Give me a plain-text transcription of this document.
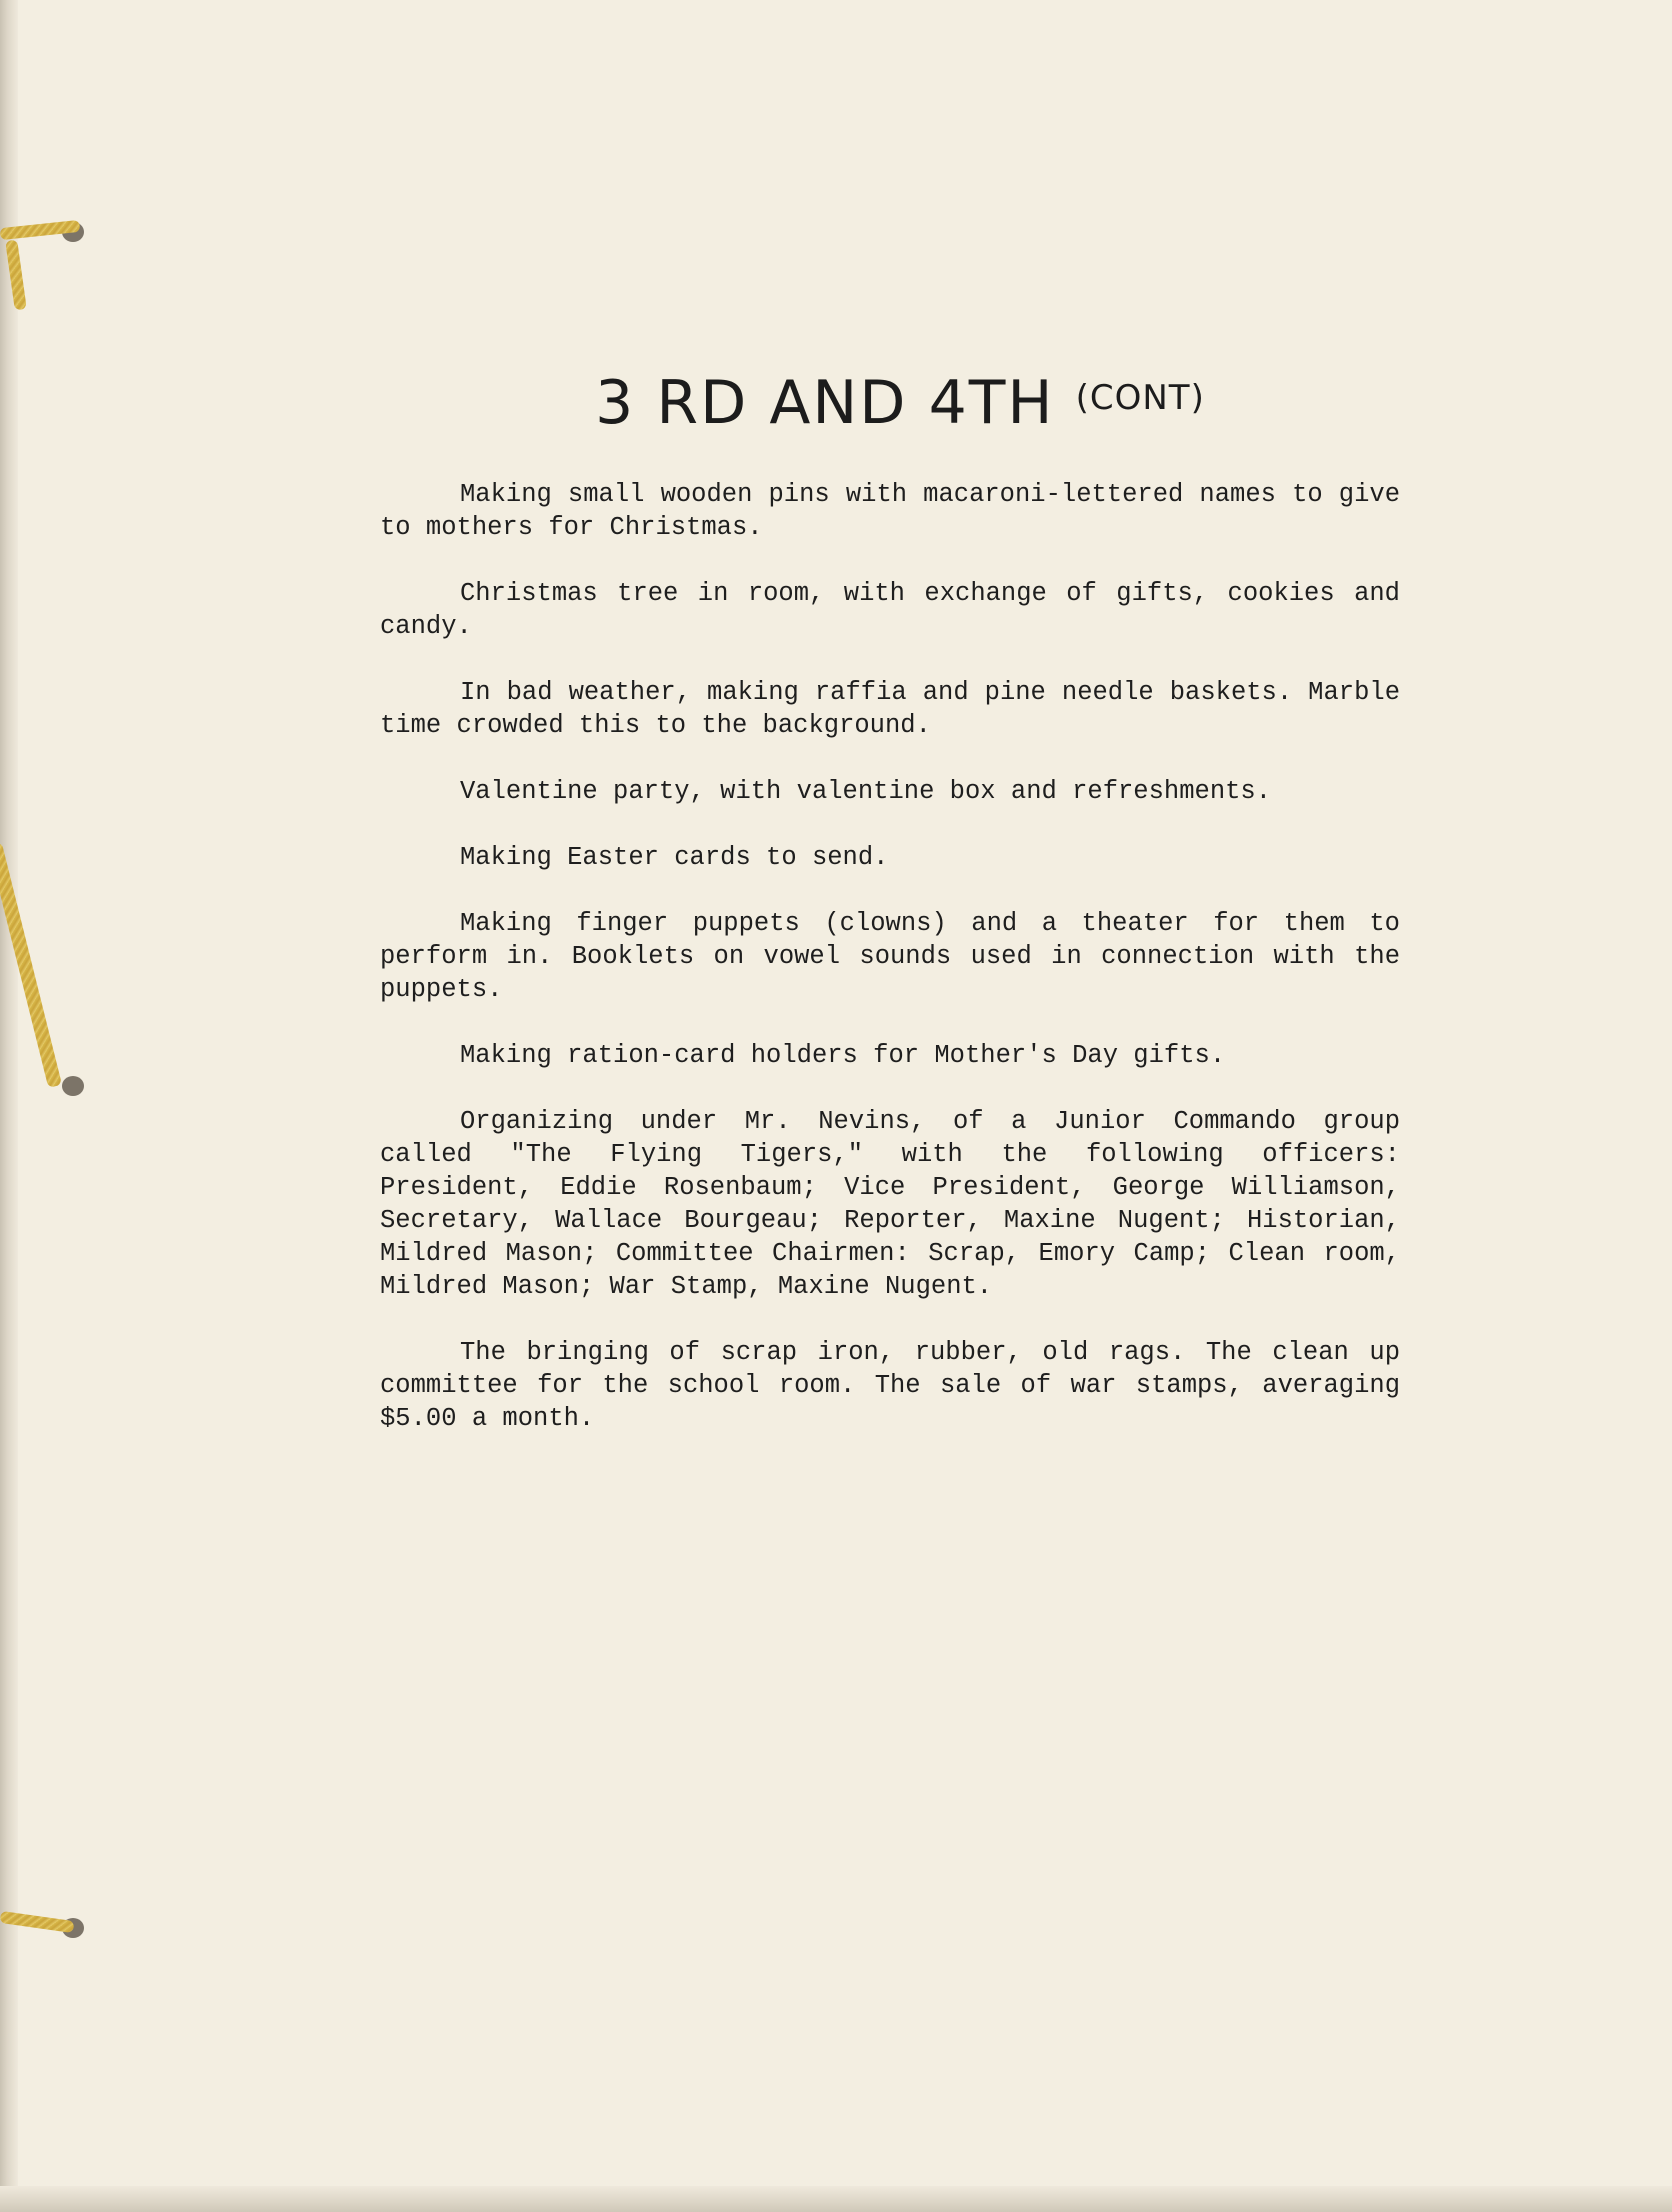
3 RD AND 4TH $^{(CONT)}$

Making small wooden pins with macaroni-lettered names to give to mothers for Christmas.

Christmas tree in room, with exchange of gifts, cookies and candy.

In bad weather, making raffia and pine needle baskets. Marble time crowded this to the background.

Valentine party, with valentine box and refreshments.

Making Easter cards to send.

Making finger puppets (clowns) and a theater for them to perform in. Booklets on vowel sounds used in connection with the puppets.

Making ration-card holders for Mother's Day gifts.

Organizing under Mr. Nevins, of a Junior Commando group called "The Flying Tigers," with the following officers: President, Eddie Rosenbaum; Vice President, George Williamson, Secretary, Wallace Bourgeau; Reporter, Maxine Nugent; Historian, Mildred Mason; Committee Chairmen: Scrap, Emory Camp; Clean room, Mildred Mason; War Stamp, Maxine Nugent.

The bringing of scrap iron, rubber, old rags. The clean up committee for the school room. The sale of war stamps, averaging $5.00 a month.
